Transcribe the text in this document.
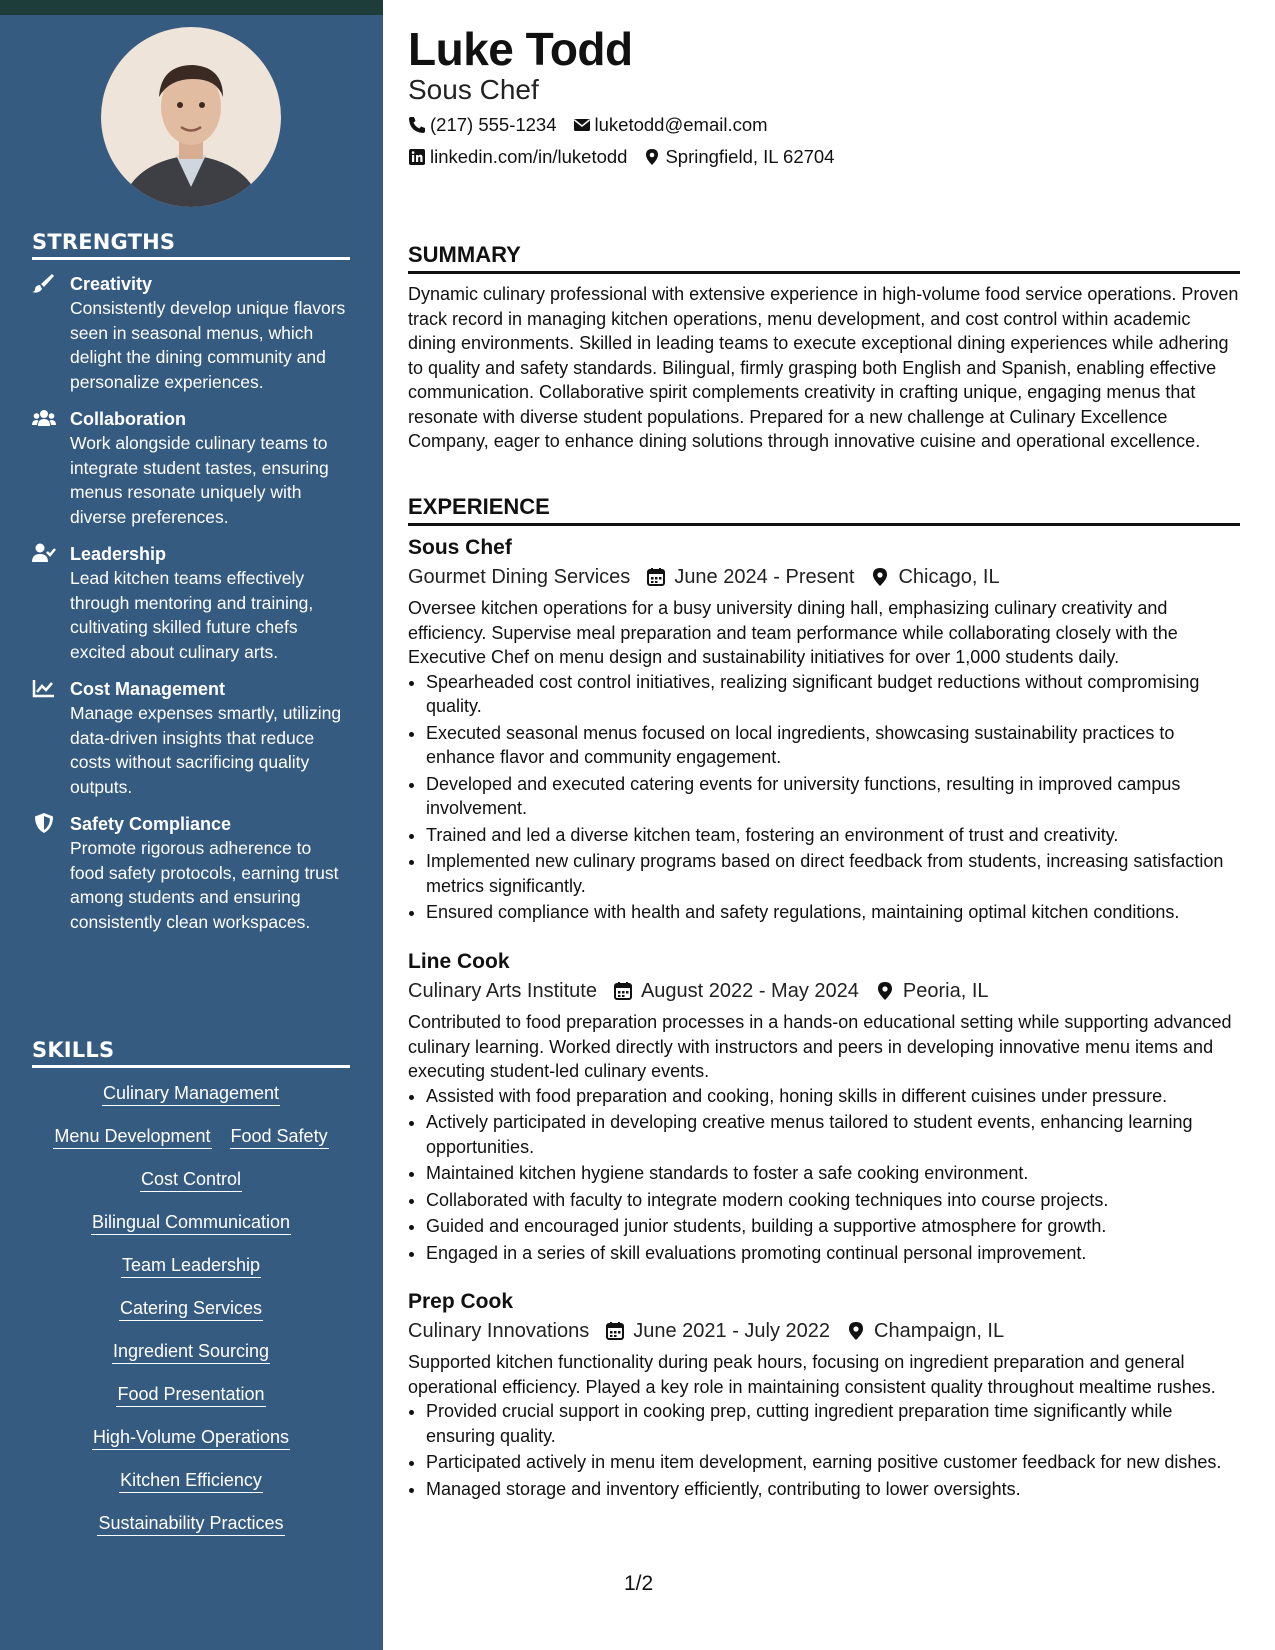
STRENGTHS
Creativity
Consistently develop unique flavors seen in seasonal menus, which delight the dining community and personalize experiences.
Collaboration
Work alongside culinary teams to integrate student tastes, ensuring menus resonate uniquely with diverse preferences.
Leadership
Lead kitchen teams effectively through mentoring and training, cultivating skilled future chefs excited about culinary arts.
Cost Management
Manage expenses smartly, utilizing data-driven insights that reduce costs without sacrificing quality outputs.
Safety Compliance
Promote rigorous adherence to food safety protocols, earning trust among students and ensuring consistently clean workspaces.
SKILLS
Culinary Management
Menu Development Food Safety
Cost Control
Bilingual Communication
Team Leadership
Catering Services
Ingredient Sourcing
Food Presentation
High-Volume Operations
Kitchen Efficiency
Sustainability Practices
Luke Todd
Sous Chef
(217) 555-1234 luketodd@email.com
linkedin.com/in/luketodd Springfield, IL 62704
SUMMARY
Dynamic culinary professional with extensive experience in high-volume food service operations. Proven track record in managing kitchen operations, menu development, and cost control within academic dining environments. Skilled in leading teams to execute exceptional dining experiences while adhering to quality and safety standards. Bilingual, firmly grasping both English and Spanish, enabling effective communication. Collaborative spirit complements creativity in crafting unique, engaging menus that resonate with diverse student populations. Prepared for a new challenge at Culinary Excellence Company, eager to enhance dining solutions through innovative cuisine and operational excellence.
EXPERIENCE
Sous Chef
Gourmet Dining Services June 2024 - Present Chicago, IL
Oversee kitchen operations for a busy university dining hall, emphasizing culinary creativity and efficiency. Supervise meal preparation and team performance while collaborating closely with the Executive Chef on menu design and sustainability initiatives for over 1,000 students daily.
• Spearheaded cost control initiatives, realizing significant budget reductions without compromising quality.
• Executed seasonal menus focused on local ingredients, showcasing sustainability practices to enhance flavor and community engagement.
• Developed and executed catering events for university functions, resulting in improved campus involvement.
• Trained and led a diverse kitchen team, fostering an environment of trust and creativity.
• Implemented new culinary programs based on direct feedback from students, increasing satisfaction metrics significantly.
• Ensured compliance with health and safety regulations, maintaining optimal kitchen conditions.
Line Cook
Culinary Arts Institute August 2022 - May 2024 Peoria, IL
Contributed to food preparation processes in a hands-on educational setting while supporting advanced culinary learning. Worked directly with instructors and peers in developing innovative menu items and executing student-led culinary events.
• Assisted with food preparation and cooking, honing skills in different cuisines under pressure.
• Actively participated in developing creative menus tailored to student events, enhancing learning opportunities.
• Maintained kitchen hygiene standards to foster a safe cooking environment.
• Collaborated with faculty to integrate modern cooking techniques into course projects.
• Guided and encouraged junior students, building a supportive atmosphere for growth.
• Engaged in a series of skill evaluations promoting continual personal improvement.
Prep Cook
Culinary Innovations June 2021 - July 2022 Champaign, IL
Supported kitchen functionality during peak hours, focusing on ingredient preparation and general operational efficiency. Played a key role in maintaining consistent quality throughout mealtime rushes.
• Provided crucial support in cooking prep, cutting ingredient preparation time significantly while ensuring quality.
• Participated actively in menu item development, earning positive customer feedback for new dishes.
• Managed storage and inventory efficiently, contributing to lower oversights.
1/2
